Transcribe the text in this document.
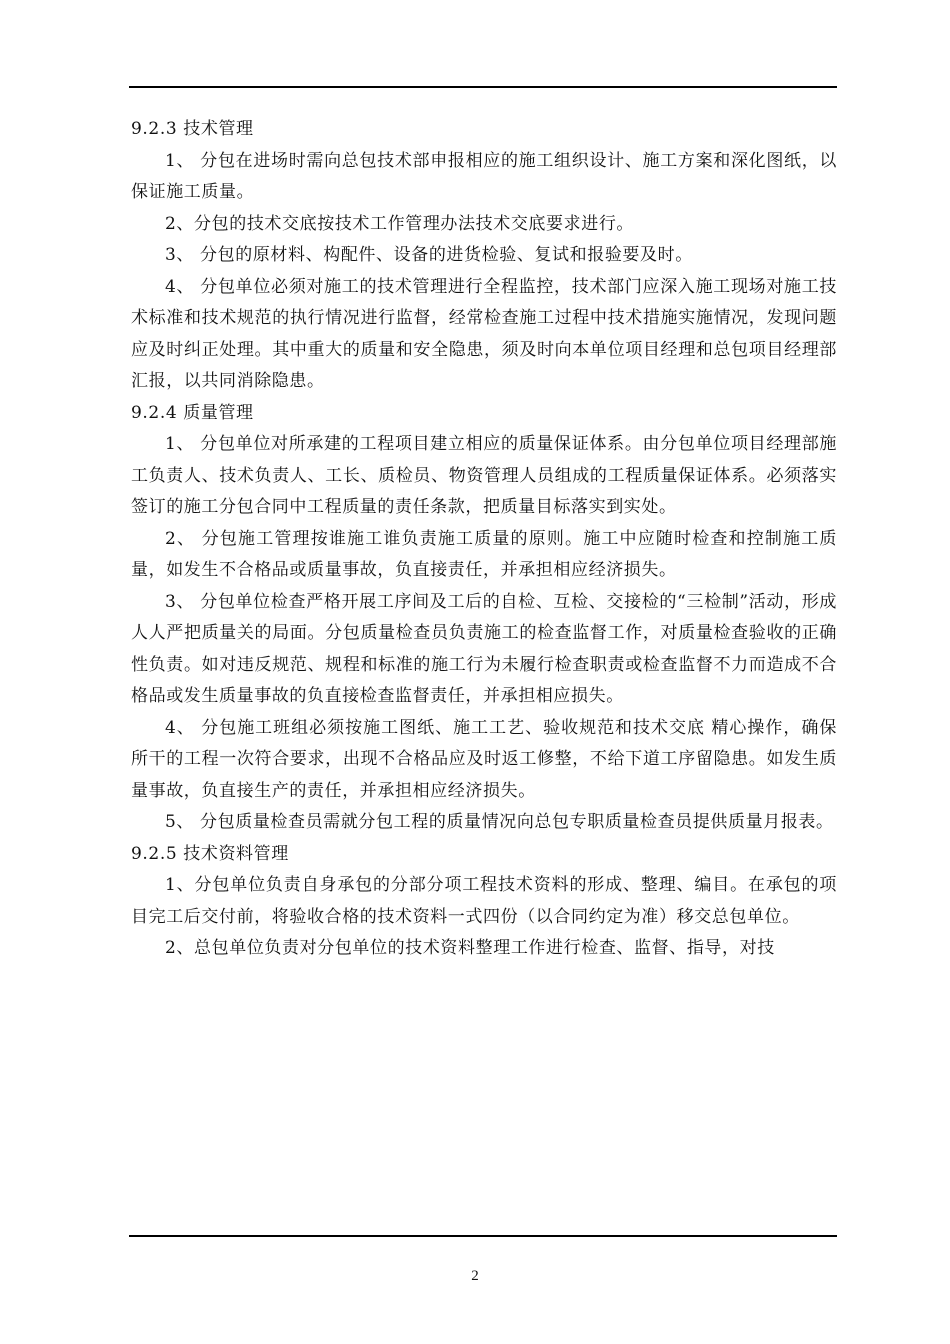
9.2.3 技术管理

1、 分包在进场时需向总包技术部申报相应的施工组织设计、施工方案和深化图纸，以保证施工质量。

2、分包的技术交底按技术工作管理办法技术交底要求进行。

3、 分包的原材料、构配件、设备的进货检验、复试和报验要及时。

4、 分包单位必须对施工的技术管理进行全程监控，技术部门应深入施工现场对施工技术标准和技术规范的执行情况进行监督，经常检查施工过程中技术措施实施情况，发现问题应及时纠正处理。其中重大的质量和安全隐患，须及时向本单位项目经理和总包项目经理部汇报，以共同消除隐患。

9.2.4 质量管理

1、 分包单位对所承建的工程项目建立相应的质量保证体系。由分包单位项目经理部施工负责人、技术负责人、工长、质检员、物资管理人员组成的工程质量保证体系。必须落实签订的施工分包合同中工程质量的责任条款，把质量目标落实到实处。

2、 分包施工管理按谁施工谁负责施工质量的原则。施工中应随时检查和控制施工质量，如发生不合格品或质量事故，负直接责任，并承担相应经济损失。

3、 分包单位检查严格开展工序间及工后的自检、互检、交接检的“三检制”活动，形成人人严把质量关的局面。分包质量检查员负责施工的检查监督工作，对质量检查验收的正确性负责。如对违反规范、规程和标准的施工行为未履行检查职责或检查监督不力而造成不合格品或发生质量事故的负直接检查监督责任，并承担相应损失。

4、 分包施工班组必须按施工图纸、施工工艺、验收规范和技术交底 精心操作，确保所干的工程一次符合要求，出现不合格品应及时返工修整，不给下道工序留隐患。如发生质量事故，负直接生产的责任，并承担相应经济损失。

5、 分包质量检查员需就分包工程的质量情况向总包专职质量检查员提供质量月报表。

9.2.5 技术资料管理

1、分包单位负责自身承包的分部分项工程技术资料的形成、整理、编目。在承包的项目完工后交付前，将验收合格的技术资料一式四份（以合同约定为准）移交总包单位。

2、总包单位负责对分包单位的技术资料整理工作进行检查、监督、指导，对技

2
